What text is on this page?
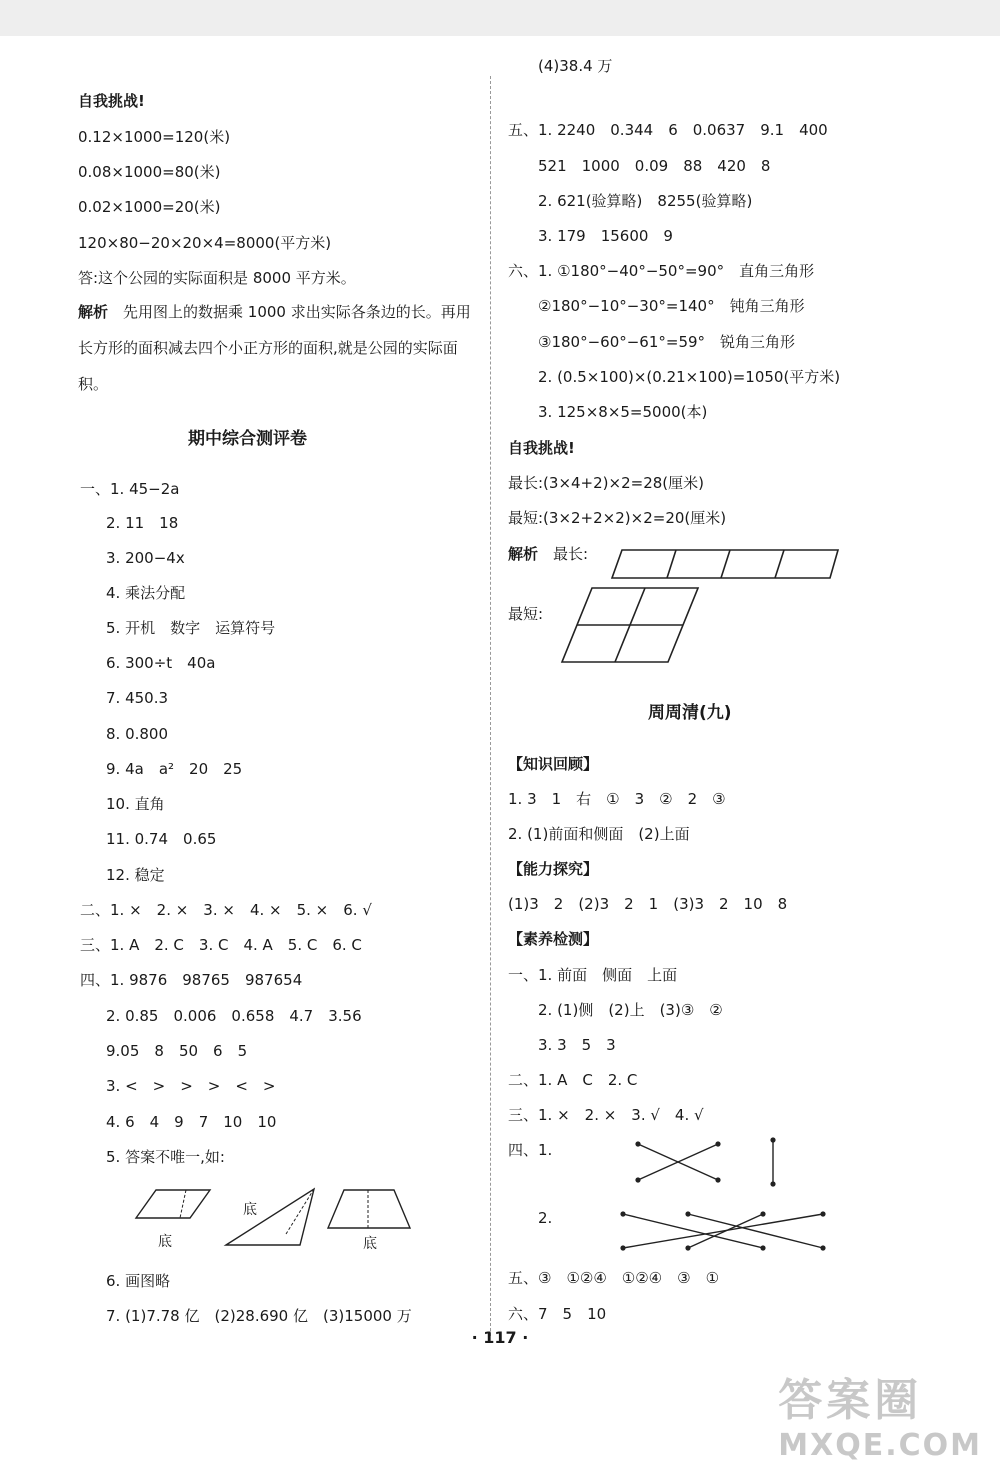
自我挑战!
0.12×1000=120(米)
0.08×1000=80(米)
0.02×1000=20(米)
120×80−20×20×4=8000(平方米)
答:这个公园的实际面积是 8000 平方米。
解析　 先用图上的数据乘 1000 求出实际各条边的长。再用长方形的面积减去四个小正方形的面积,就是公园的实际面积。
期中综合测评卷
一、1. 45−2a
2. 11　18
3. 200−4x
4. 乘法分配
5. 开机　数字　运算符号
6. 300÷t　40a
7. 450.3
8. 0.800
9. 4a　a²　20　25
10. 直角
11. 0.74　0.65
12. 稳定
二、1. ×　2. ×　3. ×　4. ×　5. ×　6. √
三、1. A　2. C　3. C　4. A　5. C　6. C
四、1. 9876　98765　987654
2. 0.85　0.006　0.658　4.7　3.56
9.05　8　50　6　5
3. <　>　>　>　<　>
4. 6　4　9　7　10　10
5. 答案不唯一,如:
底
底
底
6. 画图略
7. (1)7.78 亿　(2)28.690 亿　(3)15000 万
(4)38.4 万
五、1. 2240　0.344　6　0.0637　9.1　400
521　1000　0.09　88　420　8
2. 621(验算略)　8255(验算略)
3. 179　15600　9
六、1. ①180°−40°−50°=90°　直角三角形
②180°−10°−30°=140°　钝角三角形
③180°−60°−61°=59°　锐角三角形
2. (0.5×100)×(0.21×100)=1050(平方米)
3. 125×8×5=5000(本)
自我挑战!
最长:(3×4+2)×2=28(厘米)
最短:(3×2+2×2)×2=20(厘米)
解析　 最长:
最短:
周周清(九)
【知识回顾】
1. 3　1　右　①　3　②　2　③
2. (1)前面和侧面　(2)上面
【能力探究】
(1)3　2　(2)3　2　1　(3)3　2　10　8
【素养检测】
一、1. 前面　侧面　上面
2. (1)侧　(2)上　(3)③　②
3. 3　5　3
二、1. A　C　2. C
三、1. ×　2. ×　3. √　4. √
四、1.
2.
五、③　①②④　①②④　③　①
六、7　5　10
· 117 ·
答案圈
MXQE.COM
